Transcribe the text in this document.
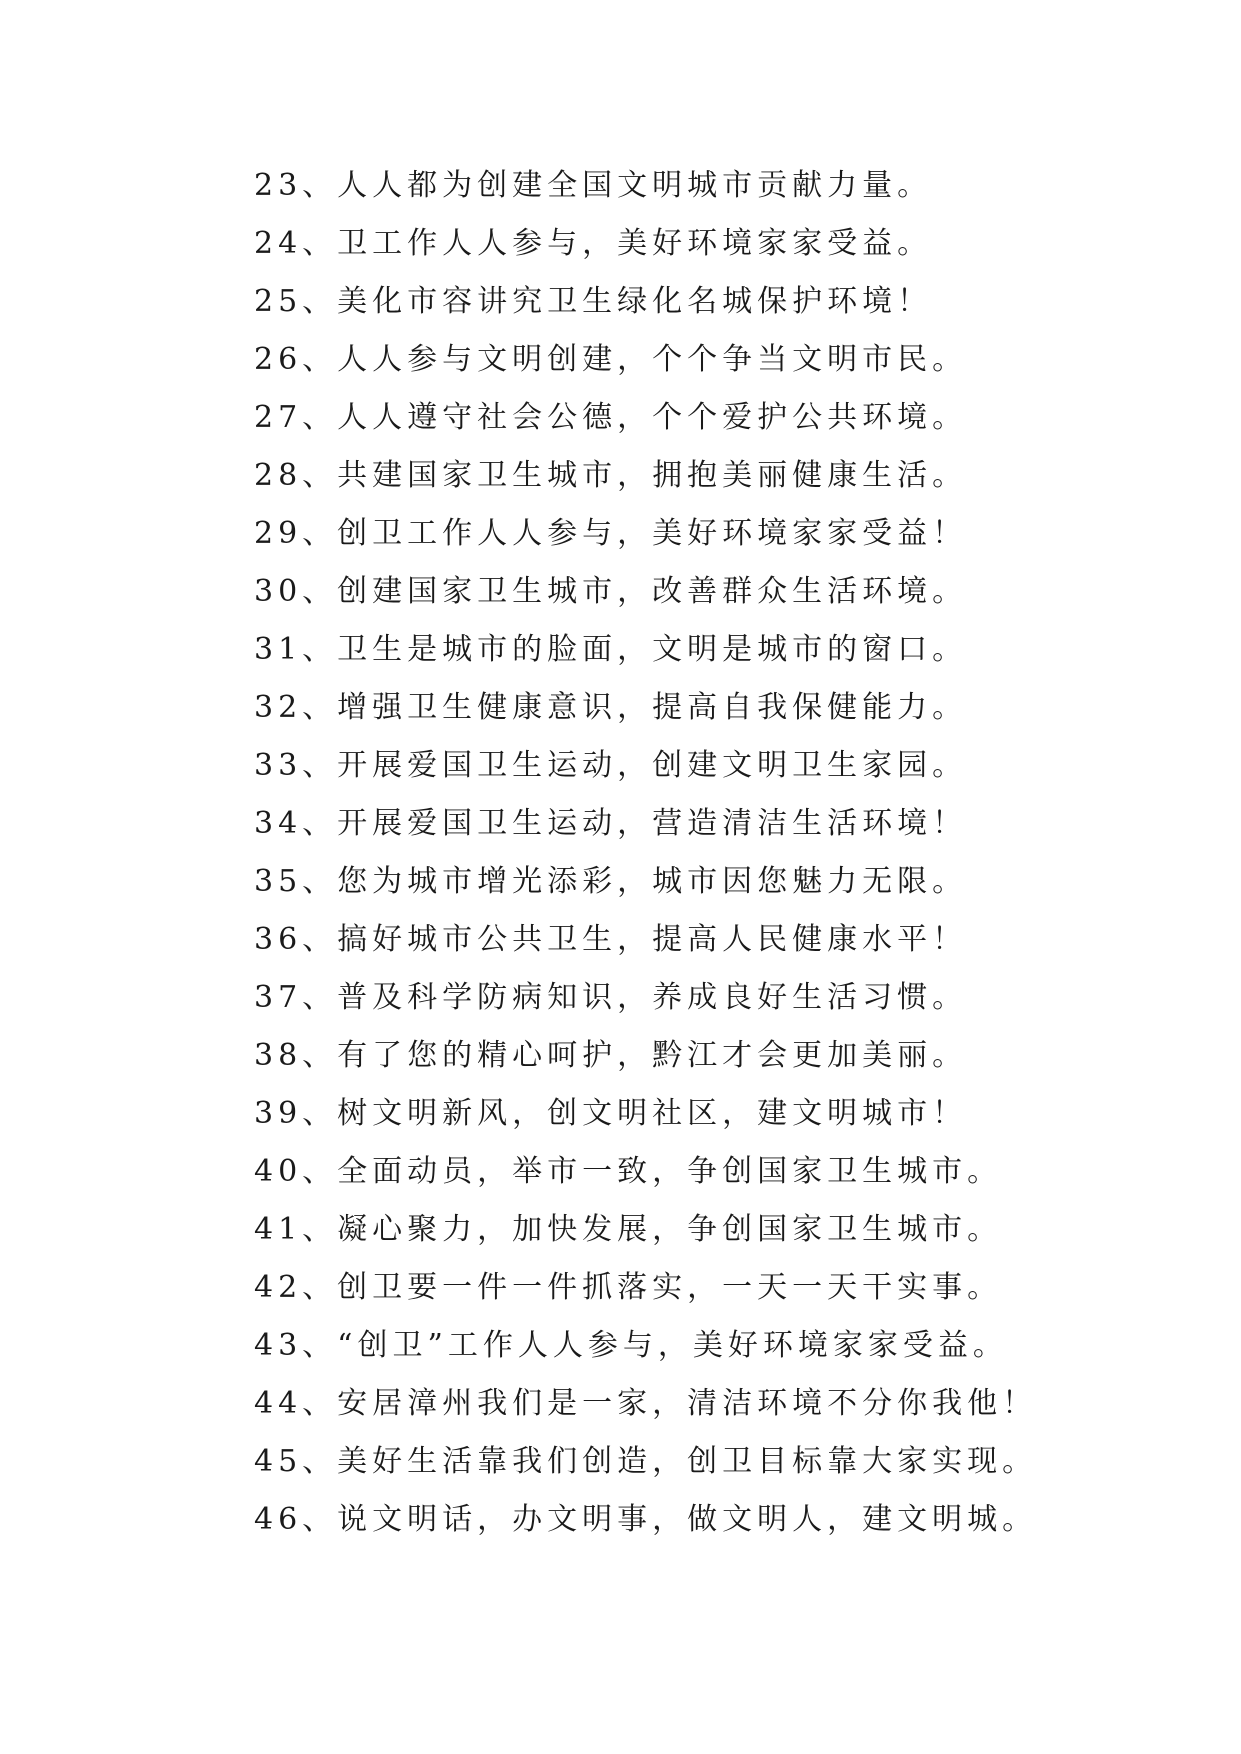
23、人人都为创建全国文明城市贡献力量。
24、卫工作人人参与，美好环境家家受益。
25、美化市容讲究卫生绿化名城保护环境！
26、人人参与文明创建，个个争当文明市民。
27、人人遵守社会公德，个个爱护公共环境。
28、共建国家卫生城市，拥抱美丽健康生活。
29、创卫工作人人参与，美好环境家家受益！
30、创建国家卫生城市，改善群众生活环境。
31、卫生是城市的脸面，文明是城市的窗口。
32、增强卫生健康意识，提高自我保健能力。
33、开展爱国卫生运动，创建文明卫生家园。
34、开展爱国卫生运动，营造清洁生活环境！
35、您为城市增光添彩，城市因您魅力无限。
36、搞好城市公共卫生，提高人民健康水平！
37、普及科学防病知识，养成良好生活习惯。
38、有了您的精心呵护，黔江才会更加美丽。
39、树文明新风，创文明社区，建文明城市！
40、全面动员，举市一致，争创国家卫生城市。
41、凝心聚力，加快发展，争创国家卫生城市。
42、创卫要一件一件抓落实，一天一天干实事。
43、“创卫”工作人人参与，美好环境家家受益。
44、安居漳州我们是一家，清洁环境不分你我他！
45、美好生活靠我们创造，创卫目标靠大家实现。
46、说文明话，办文明事，做文明人，建文明城。
